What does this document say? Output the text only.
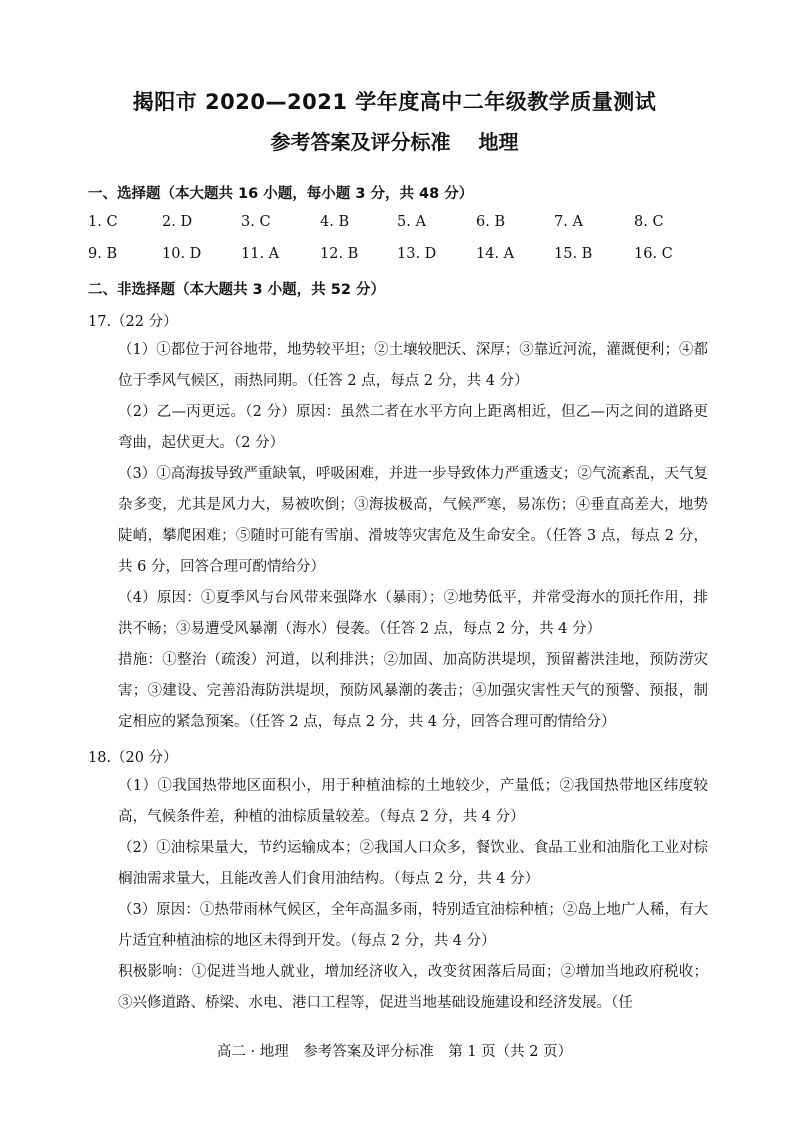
揭阳市 2020—2021 学年度高中二年级教学质量测试
参考答案及评分标准 地理
一、选择题（本大题共 16 小题，每小题 3 分，共 48 分）
1. C	2. D	3. C	4. B	5. A	6. B	7. A	8. C
9. B	10. D	11. A	12. B	13. D	14. A	15. B	16. C
二、非选择题（本大题共 3 小题，共 52 分）
17.（22 分）
（1）①都位于河谷地带，地势较平坦；②土壤较肥沃、深厚；③靠近河流，灌溉便利；④都位于季风气候区，雨热同期。（任答 2 点，每点 2 分，共 4 分）
（2）乙—丙更远。（2 分）原因：虽然二者在水平方向上距离相近，但乙—丙之间的道路更弯曲，起伏更大。（2 分）
（3）①高海拔导致严重缺氧，呼吸困难，并进一步导致体力严重透支；②气流紊乱，天气复杂多变，尤其是风力大，易被吹倒；③海拔极高，气候严寒，易冻伤；④垂直高差大，地势陡峭，攀爬困难；⑤随时可能有雪崩、滑坡等灾害危及生命安全。（任答 3 点，每点 2 分，共 6 分，回答合理可酌情给分）
（4）原因：①夏季风与台风带来强降水（暴雨）；②地势低平，并常受海水的顶托作用，排洪不畅；③易遭受风暴潮（海水）侵袭。（任答 2 点，每点 2 分，共 4 分）
措施：①整治（疏浚）河道，以利排洪；②加固、加高防洪堤坝，预留蓄洪洼地，预防涝灾害；③建设、完善沿海防洪堤坝，预防风暴潮的袭击；④加强灾害性天气的预警、预报，制定相应的紧急预案。（任答 2 点，每点 2 分，共 4 分，回答合理可酌情给分）
18.（20 分）
（1）①我国热带地区面积小，用于种植油棕的土地较少，产量低；②我国热带地区纬度较高，气候条件差，种植的油棕质量较差。（每点 2 分，共 4 分）
（2）①油棕果量大，节约运输成本；②我国人口众多，餐饮业、食品工业和油脂化工业对棕榈油需求量大，且能改善人们食用油结构。（每点 2 分，共 4 分）
（3）原因：①热带雨林气候区，全年高温多雨，特别适宜油棕种植；②岛上地广人稀，有大片适宜种植油棕的地区未得到开发。（每点 2 分，共 4 分）
积极影响：①促进当地人就业，增加经济收入，改变贫困落后局面；②增加当地政府税收；③兴修道路、桥梁、水电、港口工程等，促进当地基础设施建设和经济发展。（任
高二 · 地理　参考答案及评分标准　第 1 页（共 2 页）
